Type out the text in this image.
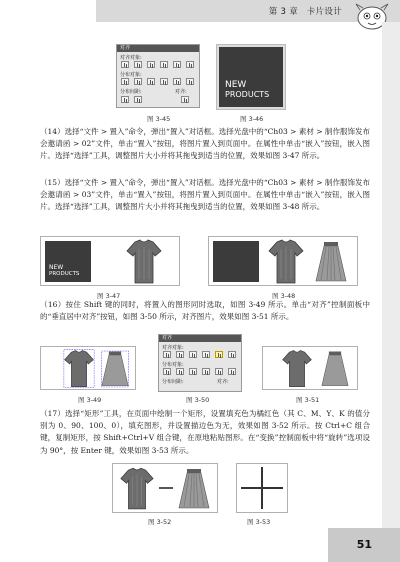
第 3 章　卡片设计
对齐
对齐对象:
分布对象:
分布间距:	对齐:
图 3-45
NEW
PRODUCTS
图 3-46
（14）选择“文件 > 置入”命令，弹出“置入”对话框。选择光盘中的“Ch03 > 素材 > 制作服饰发布会邀请函 > 02”文件，单击“置入”按钮，将图片置入到页面中。在属性中单击“嵌入”按钮，嵌入图片。选择“选择”工具，调整图片大小并将其拖曳到适当的位置，效果如图 3-47 所示。
（15）选择“文件 > 置入”命令，弹出“置入”对话框。选择光盘中的“Ch03 > 素材 > 制作服饰发布会邀请函 > 03”文件，单击“置入”按钮，将图片置入到页面中。在属性中单击“嵌入”按钮，嵌入图片。选择“选择”工具，调整图片大小并将其拖曳到适当的位置，效果如图 3-48 所示。
NEW
PRODUCTS
图 3-47	图 3-48
（16）按住 Shift 键的同时，将置入的图形同时选取，如图 3-49 所示。单击“对齐”控制面板中的“垂直居中对齐”按钮，如图 3-50 所示，对齐图片，效果如图 3-51 所示。
图 3-49
对齐
对齐对象:
分布对象:
分布间距:	对齐:
图 3-50	图 3-51
（17）选择“矩形”工具，在页面中绘制一个矩形，设置填充色为橘红色（其 C、M、Y、K 的值分别为 0、90、100、0），填充图形，并设置描边色为无，效果如图 3-52 所示。按 Ctrl+C 组合键，复制矩形，按 Shift+Ctrl+V 组合键，在原地粘贴图形。在“变换”控制面板中将“旋转”选项设为 90°，按 Enter 键，效果如图 3-53 所示。
图 3-52	图 3-53
51
